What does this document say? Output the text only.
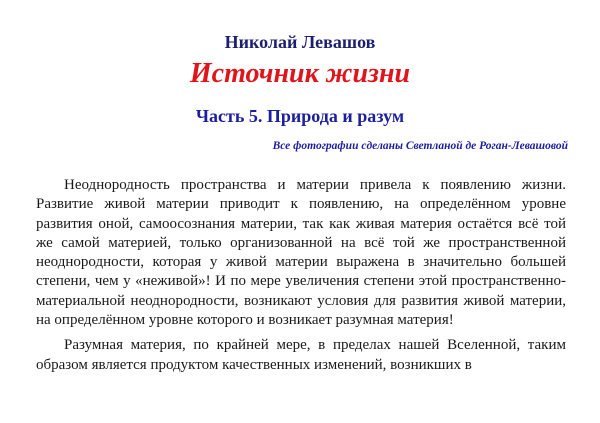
Николай Левашов
Источник жизни
Часть 5. Природа и разум
Все фотографии сделаны Светланой де Роган-Левашовой

Неоднородность пространства и материи привела к появлению жизни. Развитие живой материи приводит к появлению, на определённом уровне развития оной, самоосознания материи, так как живая материя остаётся всё той же самой материей, только организованной на всё той же пространственной неоднородности, которая у живой материи выражена в значительно большей степени, чем у «неживой»! И по мере увеличения степени этой пространственно-материальной неоднородности, возникают условия для развития живой материи, на определённом уровне которого и возникает разумная материя!

Разумная материя, по крайней мере, в пределах нашей Вселенной, таким образом является продуктом качественных изменений, возникших в
